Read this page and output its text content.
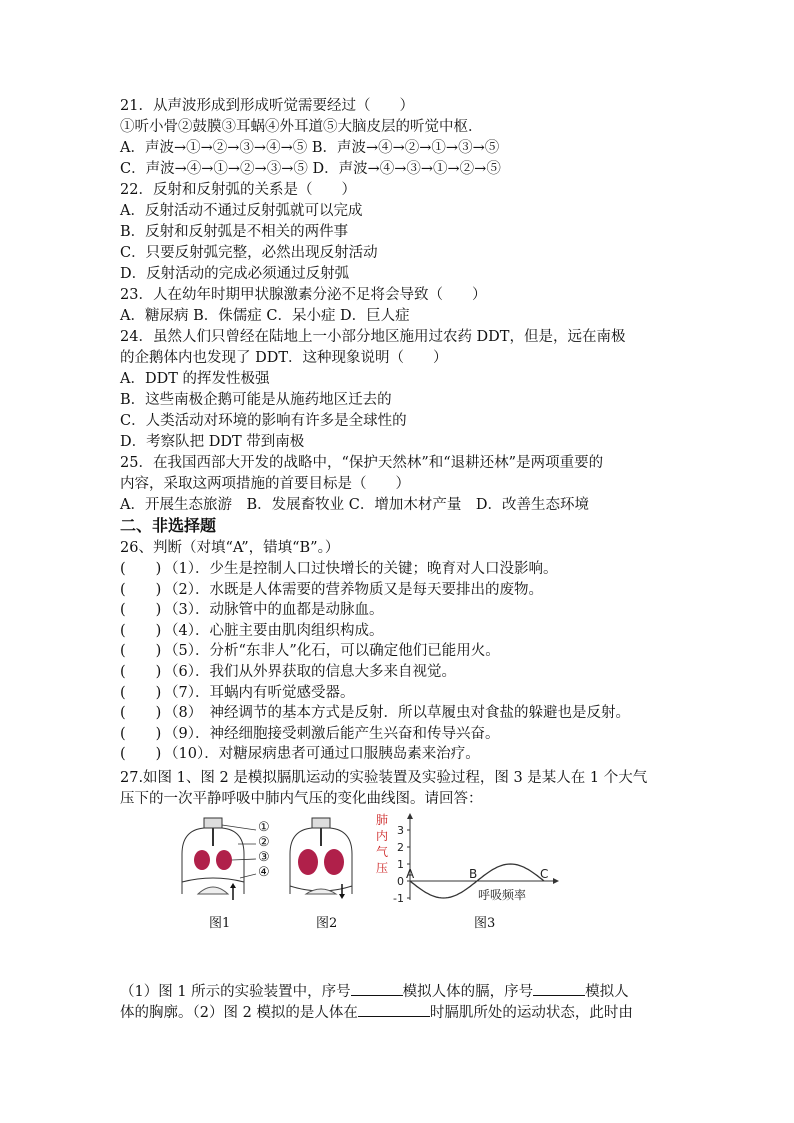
21．从声波形成到形成听觉需要经过（　　）
①听小骨②鼓膜③耳蜗④外耳道⑤大脑皮层的听觉中枢．
A．声波→①→②→③→④→⑤ B．声波→④→②→①→③→⑤
C．声波→④→①→②→③→⑤ D．声波→④→③→①→②→⑤
22．反射和反射弧的关系是（　　）
A．反射活动不通过反射弧就可以完成
B．反射和反射弧是不相关的两件事
C．只要反射弧完整，必然出现反射活动
D．反射活动的完成必须通过反射弧
23．人在幼年时期甲状腺激素分泌不足将会导致（　　）
A．糖尿病 B．侏儒症 C．呆小症 D．巨人症
24．虽然人们只曾经在陆地上一小部分地区施用过农药 DDT，但是，远在南极
的企鹅体内也发现了 DDT．这种现象说明（　　）
A．DDT 的挥发性极强
B．这些南极企鹅可能是从施药地区迁去的
C．人类活动对环境的影响有许多是全球性的
D．考察队把 DDT 带到南极
25．在我国西部大开发的战略中，“保护天然林”和“退耕还林”是两项重要的
内容，采取这两项措施的首要目标是（　　）
A．开展生态旅游　B．发展畜牧业 C．增加木材产量　D．改善生态环境
二、非选择题
26、判断（对填“A”，错填“B”。）
( ) （1）．少生是控制人口过快增长的关键；晚育对人口没影响。
( ) （2）．水既是人体需要的营养物质又是每天要排出的废物。
( ) （3）．动脉管中的血都是动脉血。
( ) （4）．心脏主要由肌肉组织构成。
( ) （5）．分析“东非人”化石，可以确定他们已能用火。
( ) （6）．我们从外界获取的信息大多来自视觉。
( ) （7）．耳蜗内有听觉感受器。
( ) （8）　神经调节的基本方式是反射．所以草履虫对食盐的躲避也是反射。
( ) （9）．神经细胞接受刺激后能产生兴奋和传导兴奋。
( ) （10）．对糖尿病患者可通过口服胰岛素来治疗。
27.如图 1、图 2 是模拟膈肌运动的实验装置及实验过程，图 3 是某人在 1 个大气
压下的一次平静呼吸中肺内气压的变化曲线图。请回答：
①
②
③
④
肺
内
气
压
3
2
1
0
-1
A	B	C
呼吸频率
图1	图2	图3
（1）图 1 所示的实验装置中，序号	模拟人体的膈，序号	模拟人
体的胸廓。（2）图 2 模拟的是人体在	时膈肌所处的运动状态，此时由
